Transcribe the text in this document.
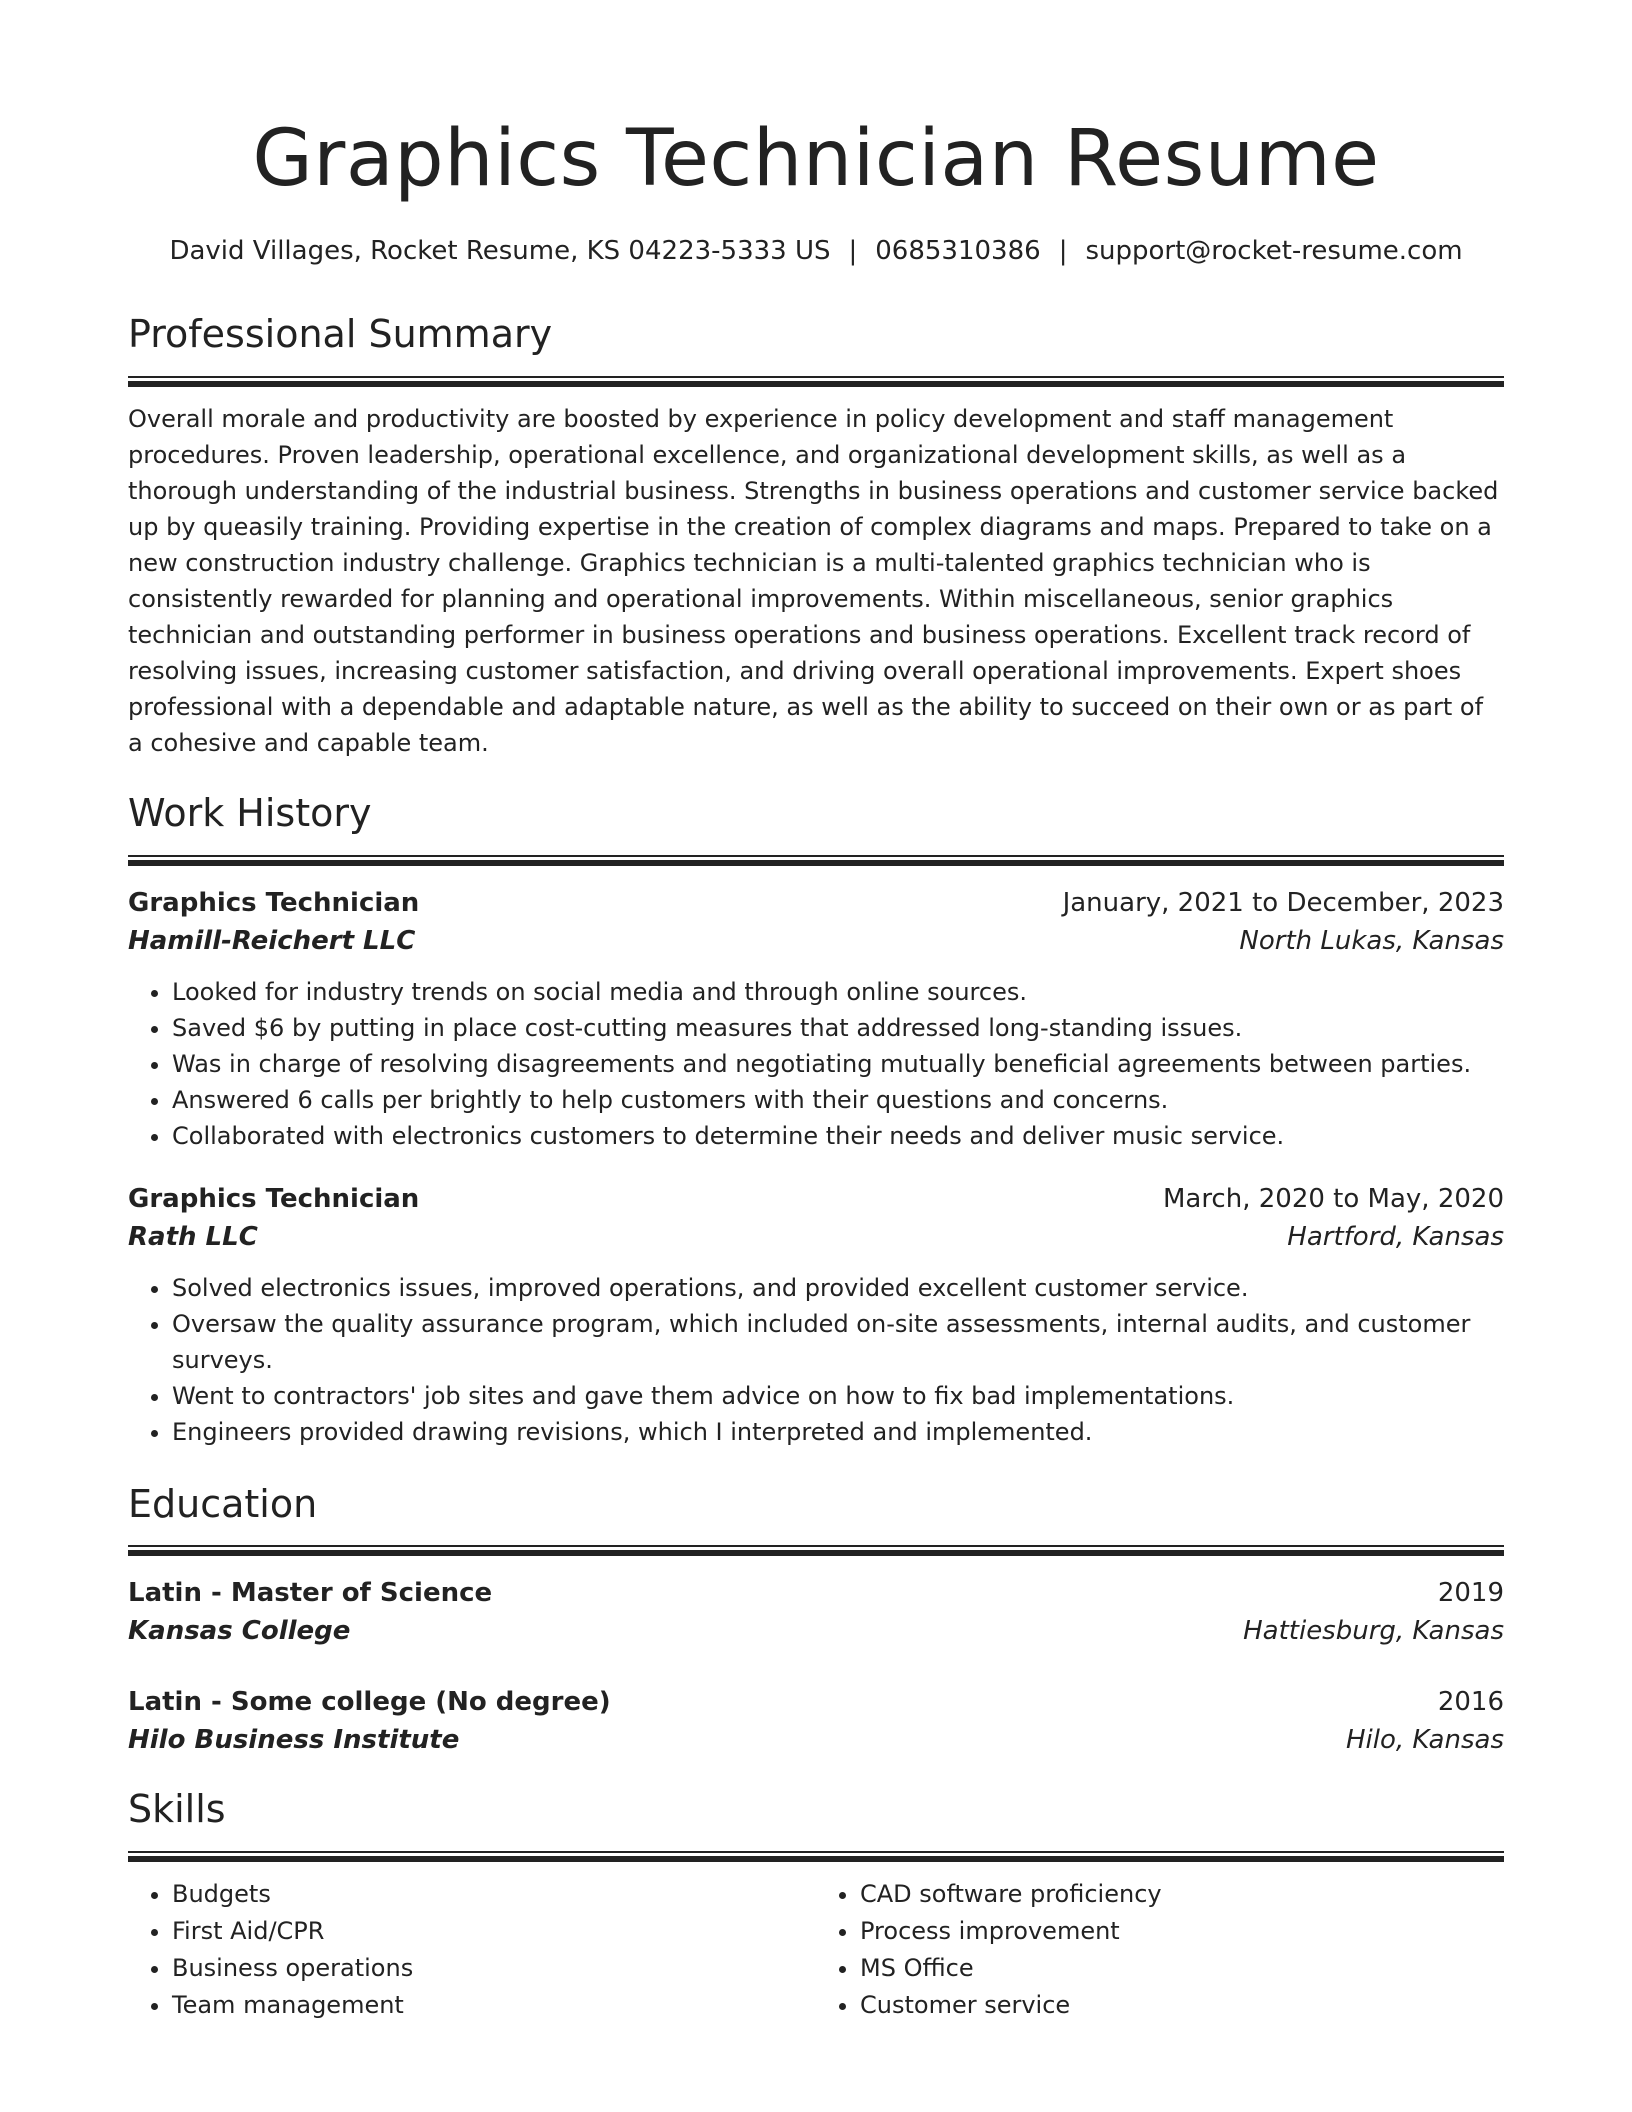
Graphics Technician Resume
David Villages, Rocket Resume, KS 04223-5333 US | 0685310386 | support@rocket-resume.com
Professional Summary
Overall morale and productivity are boosted by experience in policy development and staff management procedures. Proven leadership, operational excellence, and organizational development skills, as well as a thorough understanding of the industrial business. Strengths in business operations and customer service backed up by queasily training. Providing expertise in the creation of complex diagrams and maps. Prepared to take on a new construction industry challenge. Graphics technician is a multi-talented graphics technician who is consistently rewarded for planning and operational improvements. Within miscellaneous, senior graphics technician and outstanding performer in business operations and business operations. Excellent track record of resolving issues, increasing customer satisfaction, and driving overall operational improvements. Expert shoes professional with a dependable and adaptable nature, as well as the ability to succeed on their own or as part of a cohesive and capable team.
Work History
Graphics Technician	January, 2021 to December, 2023
Hamill-Reichert LLC	North Lukas, Kansas
• Looked for industry trends on social media and through online sources.
• Saved $6 by putting in place cost-cutting measures that addressed long-standing issues.
• Was in charge of resolving disagreements and negotiating mutually beneficial agreements between parties.
• Answered 6 calls per brightly to help customers with their questions and concerns.
• Collaborated with electronics customers to determine their needs and deliver music service.
Graphics Technician	March, 2020 to May, 2020
Rath LLC	Hartford, Kansas
• Solved electronics issues, improved operations, and provided excellent customer service.
• Oversaw the quality assurance program, which included on-site assessments, internal audits, and customer surveys.
• Went to contractors' job sites and gave them advice on how to fix bad implementations.
• Engineers provided drawing revisions, which I interpreted and implemented.
Education
Latin - Master of Science	2019
Kansas College	Hattiesburg, Kansas
Latin - Some college (No degree)	2016
Hilo Business Institute	Hilo, Kansas
Skills
• Budgets
• First Aid/CPR
• Business operations
• Team management
• CAD software proficiency
• Process improvement
• MS Office
• Customer service
